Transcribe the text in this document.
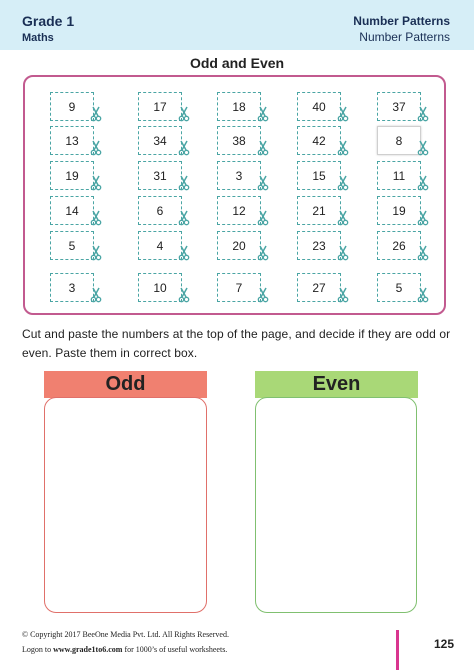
Grade 1
Maths
Number Patterns
Number Patterns
Odd and Even
9	17	18	40	37
13	34	38	42	8
19	31	3	15	11
14	6	12	21	19
5	4	20	23	26
3	10	7	27	5
Cut and paste the numbers at the top of the page, and decide if they are odd or even. Paste them in correct box.
Odd	Even
© Copyright 2017 BeeOne Media Pvt. Ltd. All Rights Reserved.
Logon to www.grade1to6.com for 1000’s of useful worksheets.	125
